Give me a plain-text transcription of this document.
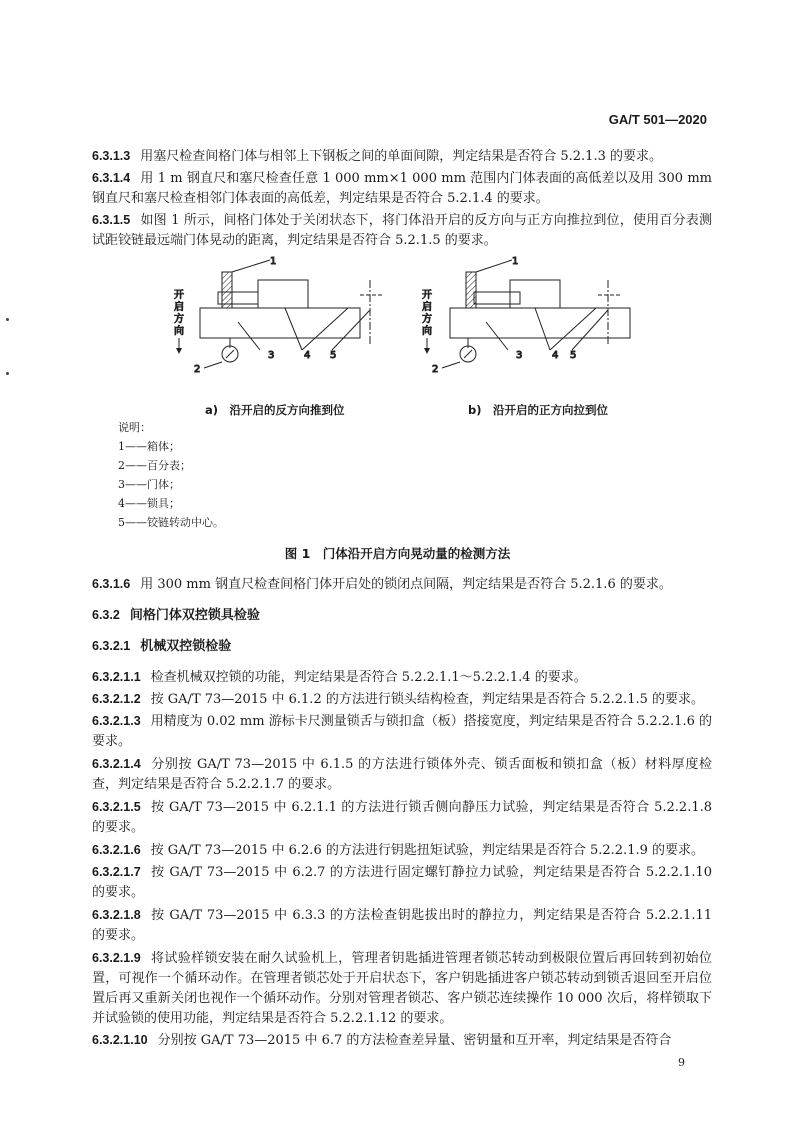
GA/T 501—2020

6.3.1.3 用塞尺检查间格门体与相邻上下钢板之间的单面间隙，判定结果是否符合 5.2.1.3 的要求。

6.3.1.4 用 1 m 钢直尺和塞尺检查任意 1 000 mm×1 000 mm 范围内门体表面的高低差以及用 300 mm 钢直尺和塞尺检查相邻门体表面的高低差，判定结果是否符合 5.2.1.4 的要求。

6.3.1.5 如图 1 所示，间格门体处于关闭状态下，将门体沿开启的反方向与正方向推拉到位，使用百分表测试距铰链最远端门体晃动的距离，判定结果是否符合 5.2.1.5 的要求。

开
启
方
向
1
2
3	4 5
开
启
方
向
1
2
3	4 5
a)　沿开启的反方向推到位	b)　沿开启的正方向拉到位
说明：
1——箱体；
2——百分表；
3——门体；
4——锁具；
5——铰链转动中心。
图 1　门体沿开启方向晃动量的检测方法

6.3.1.6 用 300 mm 钢直尺检查间格门体开启处的锁闭点间隔，判定结果是否符合 5.2.1.6 的要求。

6.3.2 间格门体双控锁具检验

6.3.2.1 机械双控锁检验

6.3.2.1.1 检查机械双控锁的功能，判定结果是否符合 5.2.2.1.1～5.2.2.1.4 的要求。

6.3.2.1.2 按 GA/T 73—2015 中 6.1.2 的方法进行锁头结构检查，判定结果是否符合 5.2.2.1.5 的要求。

6.3.2.1.3 用精度为 0.02 mm 游标卡尺测量锁舌与锁扣盒（板）搭接宽度，判定结果是否符合 5.2.2.1.6 的要求。

6.3.2.1.4 分别按 GA/T 73—2015 中 6.1.5 的方法进行锁体外壳、锁舌面板和锁扣盒（板）材料厚度检查，判定结果是否符合 5.2.2.1.7 的要求。

6.3.2.1.5 按 GA/T 73—2015 中 6.2.1.1 的方法进行锁舌侧向静压力试验，判定结果是否符合 5.2.2.1.8 的要求。

6.3.2.1.6 按 GA/T 73—2015 中 6.2.6 的方法进行钥匙扭矩试验，判定结果是否符合 5.2.2.1.9 的要求。

6.3.2.1.7 按 GA/T 73—2015 中 6.2.7 的方法进行固定螺钉静拉力试验，判定结果是否符合 5.2.2.1.10 的要求。

6.3.2.1.8 按 GA/T 73—2015 中 6.3.3 的方法检查钥匙拔出时的静拉力，判定结果是否符合 5.2.2.1.11 的要求。

6.3.2.1.9 将试验样锁安装在耐久试验机上，管理者钥匙插进管理者锁芯转动到极限位置后再回转到初始位置，可视作一个循环动作。在管理者锁芯处于开启状态下，客户钥匙插进客户锁芯转动到锁舌退回至开启位置后再又重新关闭也视作一个循环动作。分别对管理者锁芯、客户锁芯连续操作 10 000 次后，将样锁取下并试验锁的使用功能，判定结果是否符合 5.2.2.1.12 的要求。

6.3.2.1.10 分别按 GA/T 73—2015 中 6.7 的方法检查差异量、密钥量和互开率，判定结果是否符合

9
